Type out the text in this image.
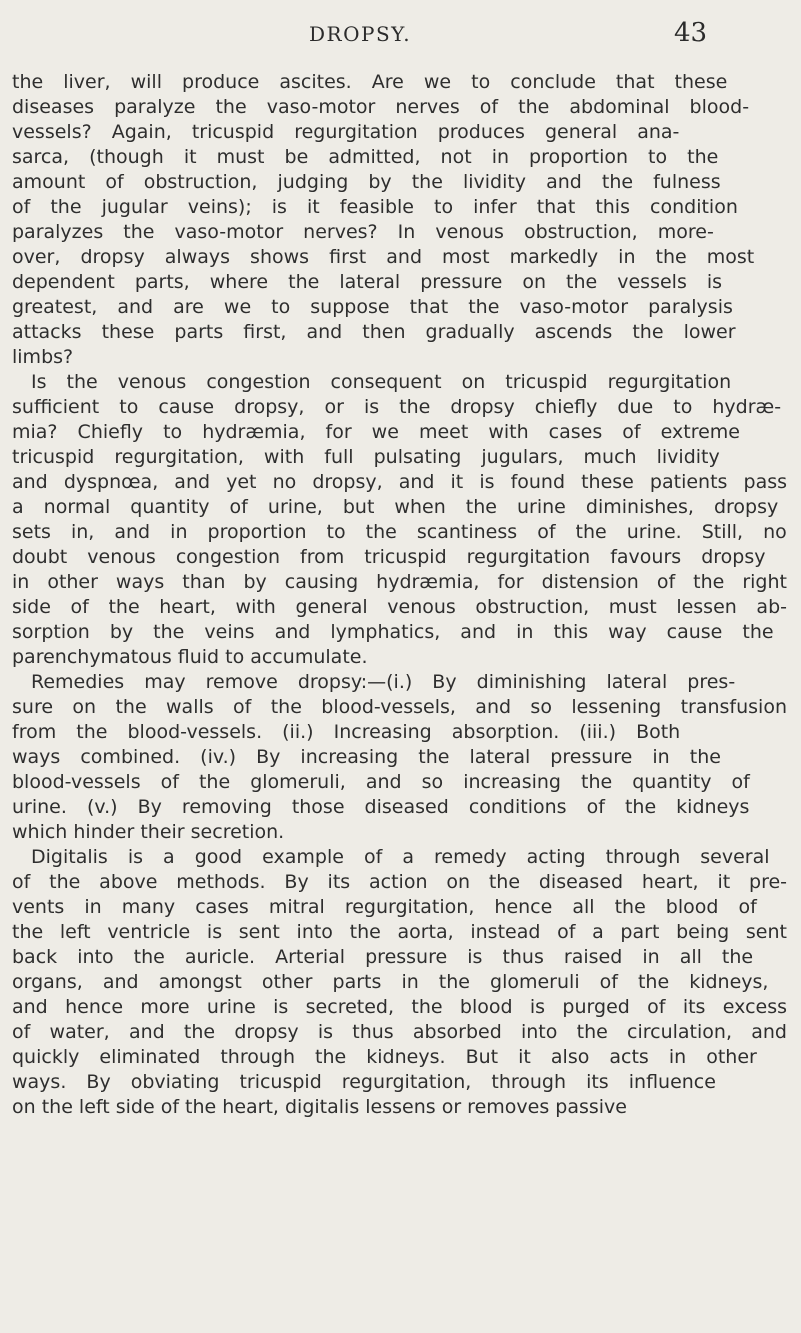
DROPSY.	43
the liver, will produce ascites. Are we to conclude that these
diseases paralyze the vaso-motor nerves of the abdominal blood-
vessels? Again, tricuspid regurgitation produces general ana-
sarca, (though it must be admitted, not in proportion to the
amount of obstruction, judging by the lividity and the fulness
of the jugular veins); is it feasible to infer that this condition
paralyzes the vaso-motor nerves? In venous obstruction, more-
over, dropsy always shows first and most markedly in the most
dependent parts, where the lateral pressure on the vessels is
greatest, and are we to suppose that the vaso-motor paralysis
attacks these parts first, and then gradually ascends the lower
limbs?
Is the venous congestion consequent on tricuspid regurgitation
sufficient to cause dropsy, or is the dropsy chiefly due to hydræ-
mia? Chiefly to hydræmia, for we meet with cases of extreme
tricuspid regurgitation, with full pulsating jugulars, much lividity
and dyspnœa, and yet no dropsy, and it is found these patients pass
a normal quantity of urine, but when the urine diminishes, dropsy
sets in, and in proportion to the scantiness of the urine. Still, no
doubt venous congestion from tricuspid regurgitation favours dropsy
in other ways than by causing hydræmia, for distension of the right
side of the heart, with general venous obstruction, must lessen ab-
sorption by the veins and lymphatics, and in this way cause the
parenchymatous fluid to accumulate.
Remedies may remove dropsy:—(i.) By diminishing lateral pres-
sure on the walls of the blood-vessels, and so lessening transfusion
from the blood-vessels. (ii.) Increasing absorption. (iii.) Both
ways combined. (iv.) By increasing the lateral pressure in the
blood-vessels of the glomeruli, and so increasing the quantity of
urine. (v.) By removing those diseased conditions of the kidneys
which hinder their secretion.
Digitalis is a good example of a remedy acting through several
of the above methods. By its action on the diseased heart, it pre-
vents in many cases mitral regurgitation, hence all the blood of
the left ventricle is sent into the aorta, instead of a part being sent
back into the auricle. Arterial pressure is thus raised in all the
organs, and amongst other parts in the glomeruli of the kidneys,
and hence more urine is secreted, the blood is purged of its excess
of water, and the dropsy is thus absorbed into the circulation, and
quickly eliminated through the kidneys. But it also acts in other
ways. By obviating tricuspid regurgitation, through its influence
on the left side of the heart, digitalis lessens or removes passive
